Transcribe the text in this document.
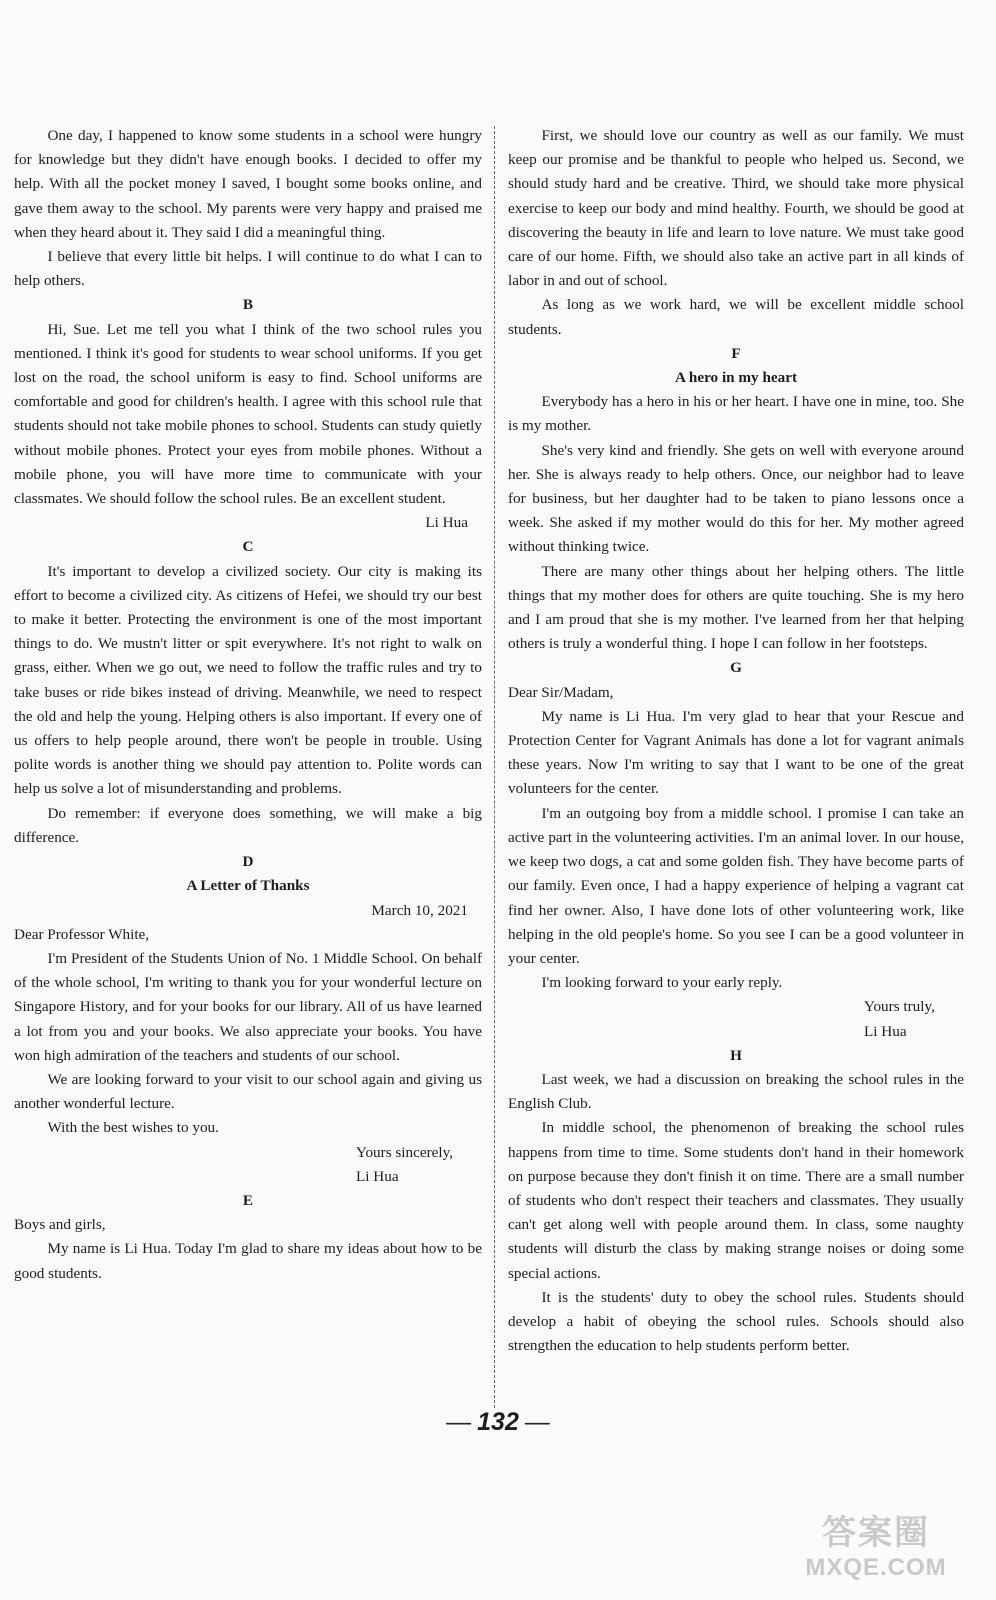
One day, I happened to know some students in a school were hungry for knowledge but they didn't have enough books. I decided to offer my help. With all the pocket money I saved, I bought some books online, and gave them away to the school. My parents were very happy and praised me when they heard about it. They said I did a meaningful thing.

I believe that every little bit helps. I will continue to do what I can to help others.

B

Hi, Sue. Let me tell you what I think of the two school rules you mentioned. I think it's good for students to wear school uniforms. If you get lost on the road, the school uniform is easy to find. School uniforms are comfortable and good for children's health. I agree with this school rule that students should not take mobile phones to school. Students can study quietly without mobile phones. Protect your eyes from mobile phones. Without a mobile phone, you will have more time to communicate with your classmates. We should follow the school rules. Be an excellent student.

Li Hua

C

It's important to develop a civilized society. Our city is making its effort to become a civilized city. As citizens of Hefei, we should try our best to make it better. Protecting the environment is one of the most important things to do. We mustn't litter or spit everywhere. It's not right to walk on grass, either. When we go out, we need to follow the traffic rules and try to take buses or ride bikes instead of driving. Meanwhile, we need to respect the old and help the young. Helping others is also important. If every one of us offers to help people around, there won't be people in trouble. Using polite words is another thing we should pay attention to. Polite words can help us solve a lot of misunderstanding and problems.

Do remember: if everyone does something, we will make a big difference.

D

A Letter of Thanks

March 10, 2021

Dear Professor White,

I'm President of the Students Union of No. 1 Middle School. On behalf of the whole school, I'm writing to thank you for your wonderful lecture on Singapore History, and for your books for our library. All of us have learned a lot from you and your books. We also appreciate your books. You have won high admiration of the teachers and students of our school.

We are looking forward to your visit to our school again and giving us another wonderful lecture.

With the best wishes to you.

Yours sincerely,

Li Hua

E

Boys and girls,

My name is Li Hua. Today I'm glad to share my ideas about how to be good students.

First, we should love our country as well as our family. We must keep our promise and be thankful to people who helped us. Second, we should study hard and be creative. Third, we should take more physical exercise to keep our body and mind healthy. Fourth, we should be good at discovering the beauty in life and learn to love nature. We must take good care of our home. Fifth, we should also take an active part in all kinds of labor in and out of school.

As long as we work hard, we will be excellent middle school students.

F

A hero in my heart

Everybody has a hero in his or her heart. I have one in mine, too. She is my mother.

She's very kind and friendly. She gets on well with everyone around her. She is always ready to help others. Once, our neighbor had to leave for business, but her daughter had to be taken to piano lessons once a week. She asked if my mother would do this for her. My mother agreed without thinking twice.

There are many other things about her helping others. The little things that my mother does for others are quite touching. She is my hero and I am proud that she is my mother. I've learned from her that helping others is truly a wonderful thing. I hope I can follow in her footsteps.

G

Dear Sir/Madam,

My name is Li Hua. I'm very glad to hear that your Rescue and Protection Center for Vagrant Animals has done a lot for vagrant animals these years. Now I'm writing to say that I want to be one of the great volunteers for the center.

I'm an outgoing boy from a middle school. I promise I can take an active part in the volunteering activities. I'm an animal lover. In our house, we keep two dogs, a cat and some golden fish. They have become parts of our family. Even once, I had a happy experience of helping a vagrant cat find her owner. Also, I have done lots of other volunteering work, like helping in the old people's home. So you see I can be a good volunteer in your center.

I'm looking forward to your early reply.

Yours truly,

Li Hua

H

Last week, we had a discussion on breaking the school rules in the English Club.

In middle school, the phenomenon of breaking the school rules happens from time to time. Some students don't hand in their homework on purpose because they don't finish it on time. There are a small number of students who don't respect their teachers and classmates. They usually can't get along well with people around them. In class, some naughty students will disturb the class by making strange noises or doing some special actions.

It is the students' duty to obey the school rules. Students should develop a habit of obeying the school rules. Schools should also strengthen the education to help students perform better.

— 132 —
答案圈
MXQE.COM
